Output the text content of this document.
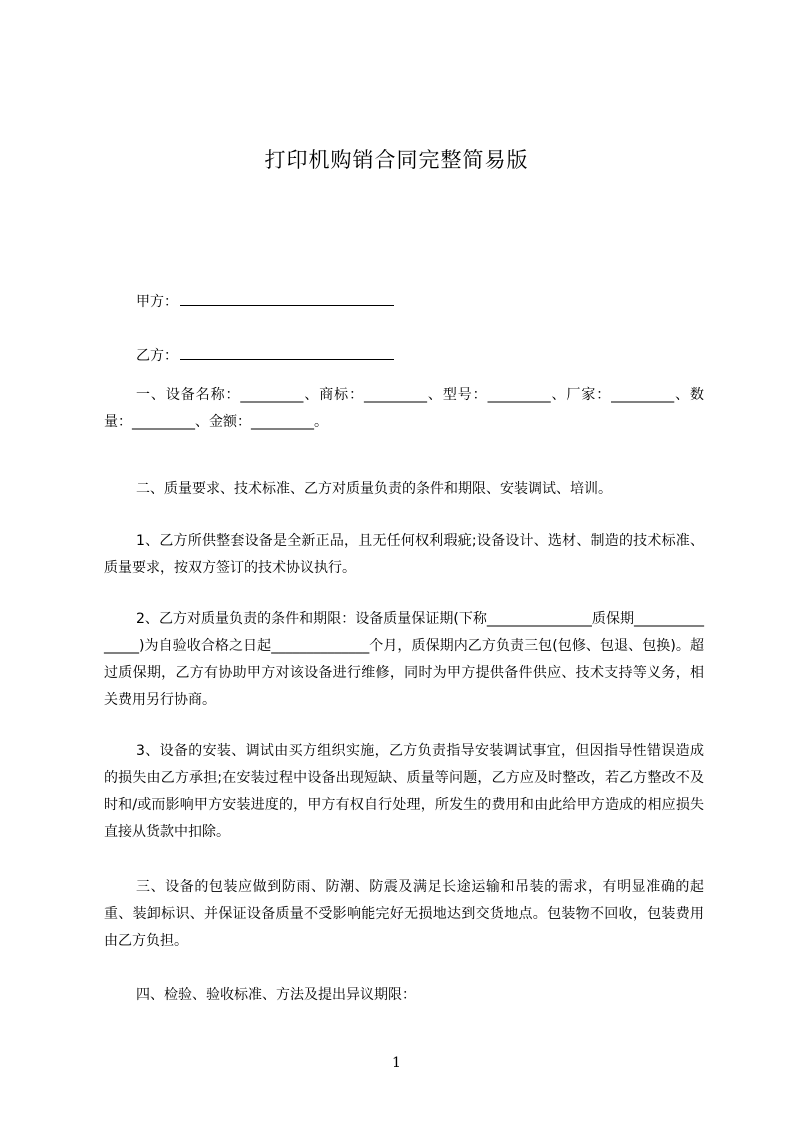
打印机购销合同完整简易版
甲方：
乙方：

一、设备名称：_________、商标：_________、型号：_________、厂家：_________、数量：_________、金额：_________。

二、质量要求、技术标准、乙方对质量负责的条件和期限、安装调试、培训。

1、乙方所供整套设备是全新正品，且无任何权利瑕疵;设备设计、选材、制造的技术标准、质量要求，按双方签订的技术协议执行。

2、乙方对质量负责的条件和期限：设备质量保证期(下称_______________质保期_______________)为自验收合格之日起______________个月，质保期内乙方负责三包(包修、包退、包换)。超过质保期，乙方有协助甲方对该设备进行维修，同时为甲方提供备件供应、技术支持等义务，相关费用另行协商。

3、设备的安装、调试由买方组织实施，乙方负责指导安装调试事宜，但因指导性错误造成的损失由乙方承担;在安装过程中设备出现短缺、质量等问题，乙方应及时整改，若乙方整改不及时和/或而影响甲方安装进度的，甲方有权自行处理，所发生的费用和由此给甲方造成的相应损失直接从货款中扣除。

三、设备的包装应做到防雨、防潮、防震及满足长途运输和吊装的需求，有明显准确的起重、装卸标识、并保证设备质量不受影响能完好无损地达到交货地点。包装物不回收，包装费用由乙方负担。

四、检验、验收标准、方法及提出异议期限：

1
